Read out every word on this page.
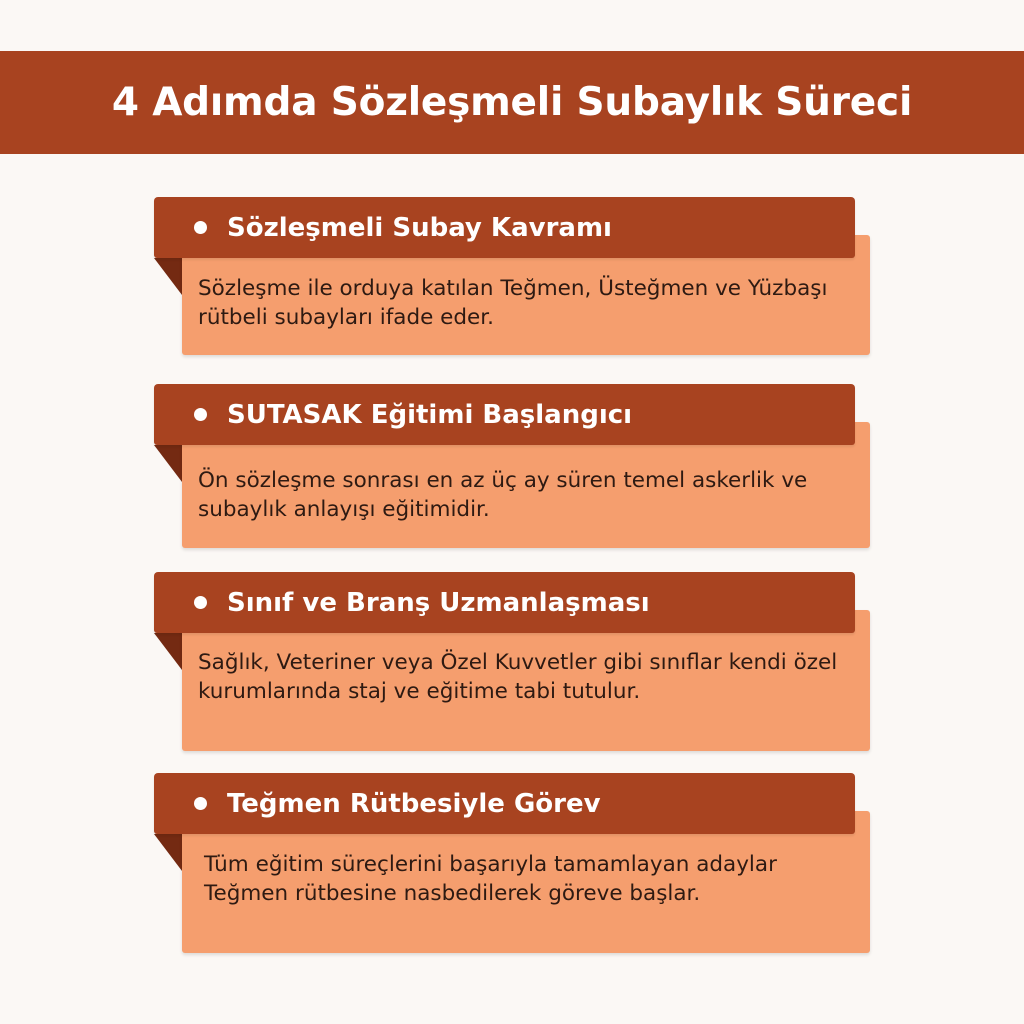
4 Adımda Sözleşmeli Subaylık Süreci
Sözleşmeli Subay Kavramı
Sözleşme ile orduya katılan Teğmen, Üsteğmen ve Yüzbaşı rütbeli subayları ifade eder.
SUTASAK Eğitimi Başlangıcı
Ön sözleşme sonrası en az üç ay süren temel askerlik ve subaylık anlayışı eğitimidir.
Sınıf ve Branş Uzmanlaşması
Sağlık, Veteriner veya Özel Kuvvetler gibi sınıflar kendi özel kurumlarında staj ve eğitime tabi tutulur.
Teğmen Rütbesiyle Görev
Tüm eğitim süreçlerini başarıyla tamamlayan adaylar Teğmen rütbesine nasbedilerek göreve başlar.
